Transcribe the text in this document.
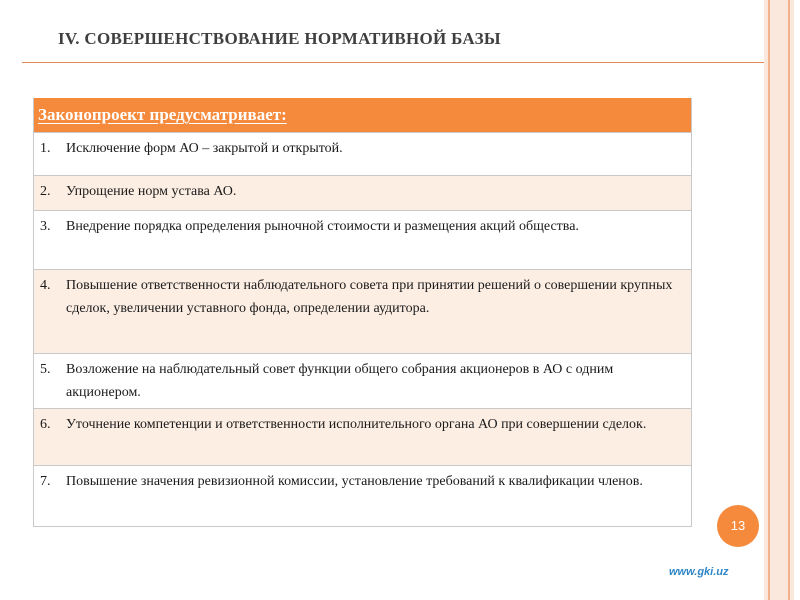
IV. СОВЕРШЕНСТВОВАНИЕ НОРМАТИВНОЙ БАЗЫ
Законопроект предусматривает:
1.	Исключение форм АО – закрытой и открытой.
2.	Упрощение норм устава АО.
3.	Внедрение порядка определения рыночной стоимости и размещения акций общества.
4.	Повышение ответственности наблюдательного совета при принятии решений о совершении крупных сделок, увеличении уставного фонда, определении аудитора.
5.	Возложение на наблюдательный совет функции общего собрания акционеров в АО с одним акционером.
6.	Уточнение компетенции и ответственности исполнительного органа АО при совершении сделок.
7.	Повышение значения ревизионной комиссии, установление требований к квалификации членов.
13
www.gki.uz
